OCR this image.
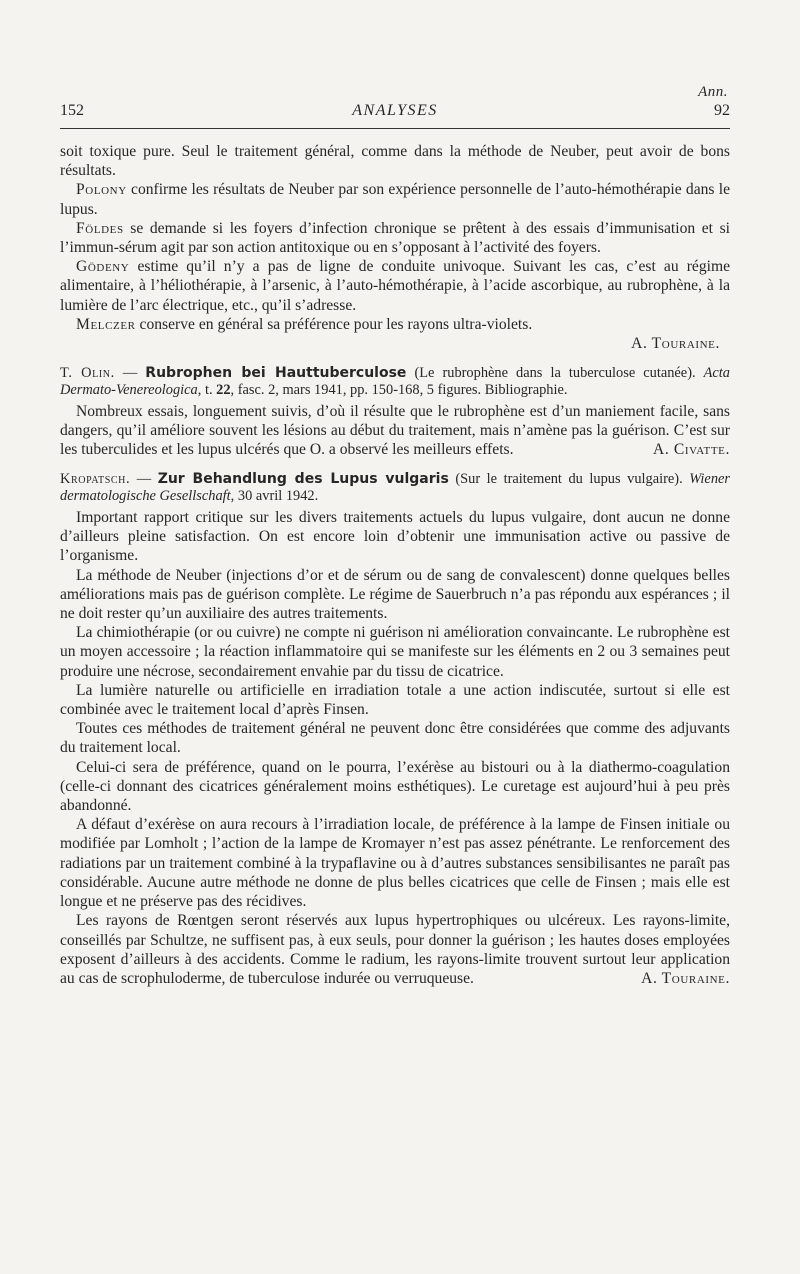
Ann.
152	ANALYSES	92

soit toxique pure. Seul le traitement général, comme dans la méthode de Neuber, peut avoir de bons résultats.

Polony confirme les résultats de Neuber par son expérience personnelle de l’auto-hémothérapie dans le lupus.

Földes se demande si les foyers d’infection chronique se prêtent à des essais d’immunisation et si l’immun-sérum agit par son action antitoxique ou en s’opposant à l’activité des foyers.

Gödeny estime qu’il n’y a pas de ligne de conduite univoque. Suivant les cas, c’est au régime alimentaire, à l’héliothérapie, à l’arsenic, à l’auto-hémothérapie, à l’acide ascorbique, au rubrophène, à la lumière de l’arc électrique, etc., qu’il s’adresse.

Melczer conserve en général sa préférence pour les rayons ultra-violets.

A. Touraine.

T. Olin. — Rubrophen bei Hauttuberculose (Le rubrophène dans la tuberculose cutanée). Acta Dermato-Venereologica, t. 22, fasc. 2, mars 1941, pp. 150-168, 5 figures. Bibliographie.

Nombreux essais, longuement suivis, d’où il résulte que le rubrophène est d’un maniement facile, sans dangers, qu’il améliore souvent les lésions au début du traitement, mais n’amène pas la guérison. C’est sur les tuberculides et les lupus ulcérés que O. a observé les meilleurs effets.	A. Civatte.

Kropatsch. — Zur Behandlung des Lupus vulgaris (Sur le traitement du lupus vulgaire). Wiener dermatologische Gesellschaft, 30 avril 1942.

Important rapport critique sur les divers traitements actuels du lupus vulgaire, dont aucun ne donne d’ailleurs pleine satisfaction. On est encore loin d’obtenir une immunisation active ou passive de l’organisme.

La méthode de Neuber (injections d’or et de sérum ou de sang de convalescent) donne quelques belles améliorations mais pas de guérison complète. Le régime de Sauerbruch n’a pas répondu aux espérances ; il ne doit rester qu’un auxiliaire des autres traitements.

La chimiothérapie (or ou cuivre) ne compte ni guérison ni amélioration convaincante. Le rubrophène est un moyen accessoire ; la réaction inflammatoire qui se manifeste sur les éléments en 2 ou 3 semaines peut produire une nécrose, secondairement envahie par du tissu de cicatrice.

La lumière naturelle ou artificielle en irradiation totale a une action indiscutée, surtout si elle est combinée avec le traitement local d’après Finsen.

Toutes ces méthodes de traitement général ne peuvent donc être considérées que comme des adjuvants du traitement local.

Celui-ci sera de préférence, quand on le pourra, l’exérèse au bistouri ou à la diathermo-coagulation (celle-ci donnant des cicatrices généralement moins esthétiques). Le curetage est aujourd’hui à peu près abandonné.

A défaut d’exérèse on aura recours à l’irradiation locale, de préférence à la lampe de Finsen initiale ou modifiée par Lomholt ; l’action de la lampe de Kromayer n’est pas assez pénétrante. Le renforcement des radiations par un traitement combiné à la trypaflavine ou à d’autres substances sensibilisantes ne paraît pas considérable. Aucune autre méthode ne donne de plus belles cicatrices que celle de Finsen ; mais elle est longue et ne préserve pas des récidives.

Les rayons de Rœntgen seront réservés aux lupus hypertrophiques ou ulcéreux. Les rayons-limite, conseillés par Schultze, ne suffisent pas, à eux seuls, pour donner la guérison ; les hautes doses employées exposent d’ailleurs à des accidents. Comme le radium, les rayons-limite trouvent surtout leur application au cas de scrophuloderme, de tuberculose indurée ou verruqueuse.	A. Touraine.
